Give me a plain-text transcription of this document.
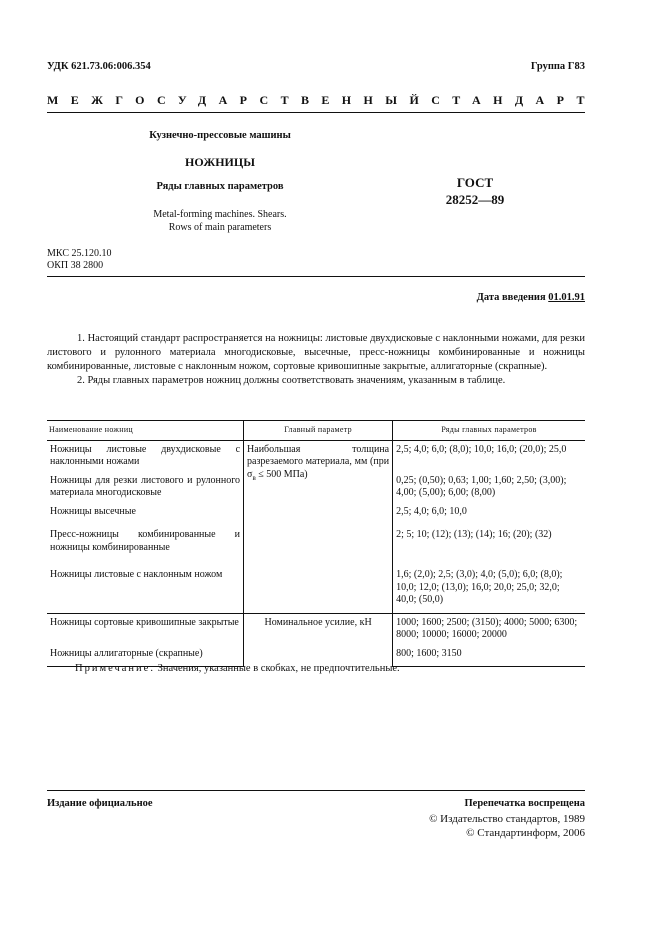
УДК 621.73.06:006.354	Группа Г83
МЕЖГОСУДАРСТВЕННЫЙ СТАНДАРТ
Кузнечно-прессовые машины
НОЖНИЦЫ
Ряды главных параметров
Metal-forming machines. Shears.
Rows of main parameters
ГОСТ
28252—89
МКС 25.120.10
ОКП 38 2800
Дата введения 01.01.91

1. Настоящий стандарт распространяется на ножницы: листовые двухдисковые с наклонными ножами, для резки листового и рулонного материала многодисковые, высечные, пресс-ножницы комбинированные и ножницы комбинированные, листовые с наклонным ножом, сортовые кривошипные закрытые, аллигаторные (скрапные).

2. Ряды главных параметров ножниц должны соответствовать значениям, указанным в таблице.

Наименование ножниц	Главный параметр	Ряды главных параметров
Ножницы листовые двухдисковые с наклонными ножами	Наибольшая толщина разрезаемого материала, мм (при $\sigma_в \le 500$ МПа)	2,5; 4,0; 6,0; (8,0); 10,0; 16,0; (20,0); 25,0
Ножницы для резки листового и рулонного материала многодисковые		0,25; (0,50); 0,63; 1,00; 1,60; 2,50; (3,00); 4,00; (5,00); 6,00; (8,00)
Ножницы высечные		2,5; 4,0; 6,0; 10,0
Пресс-ножницы комбинированные и ножницы комбинированные		2; 5; 10; (12); (13); (14); 16; (20); (32)
Ножницы листовые с наклонным ножом		1,6; (2,0); 2,5; (3,0); 4,0; (5,0); 6,0; (8,0); 10,0; 12,0; (13,0); 16,0; 20,0; 25,0; 32,0; 40,0; (50,0)
Ножницы сортовые кривошипные закрытые	Номинальное усилие, кН	1000; 1600; 2500; (3150); 4000; 5000; 6300; 8000; 10000; 16000; 20000
Ножницы аллигаторные (скрапные)		800; 1600; 3150
Примечание. Значения, указанные в скобках, не предпочтительные.
Издание официальное	Перепечатка воспрещена
© Издательство стандартов, 1989
© Стандартинформ, 2006
